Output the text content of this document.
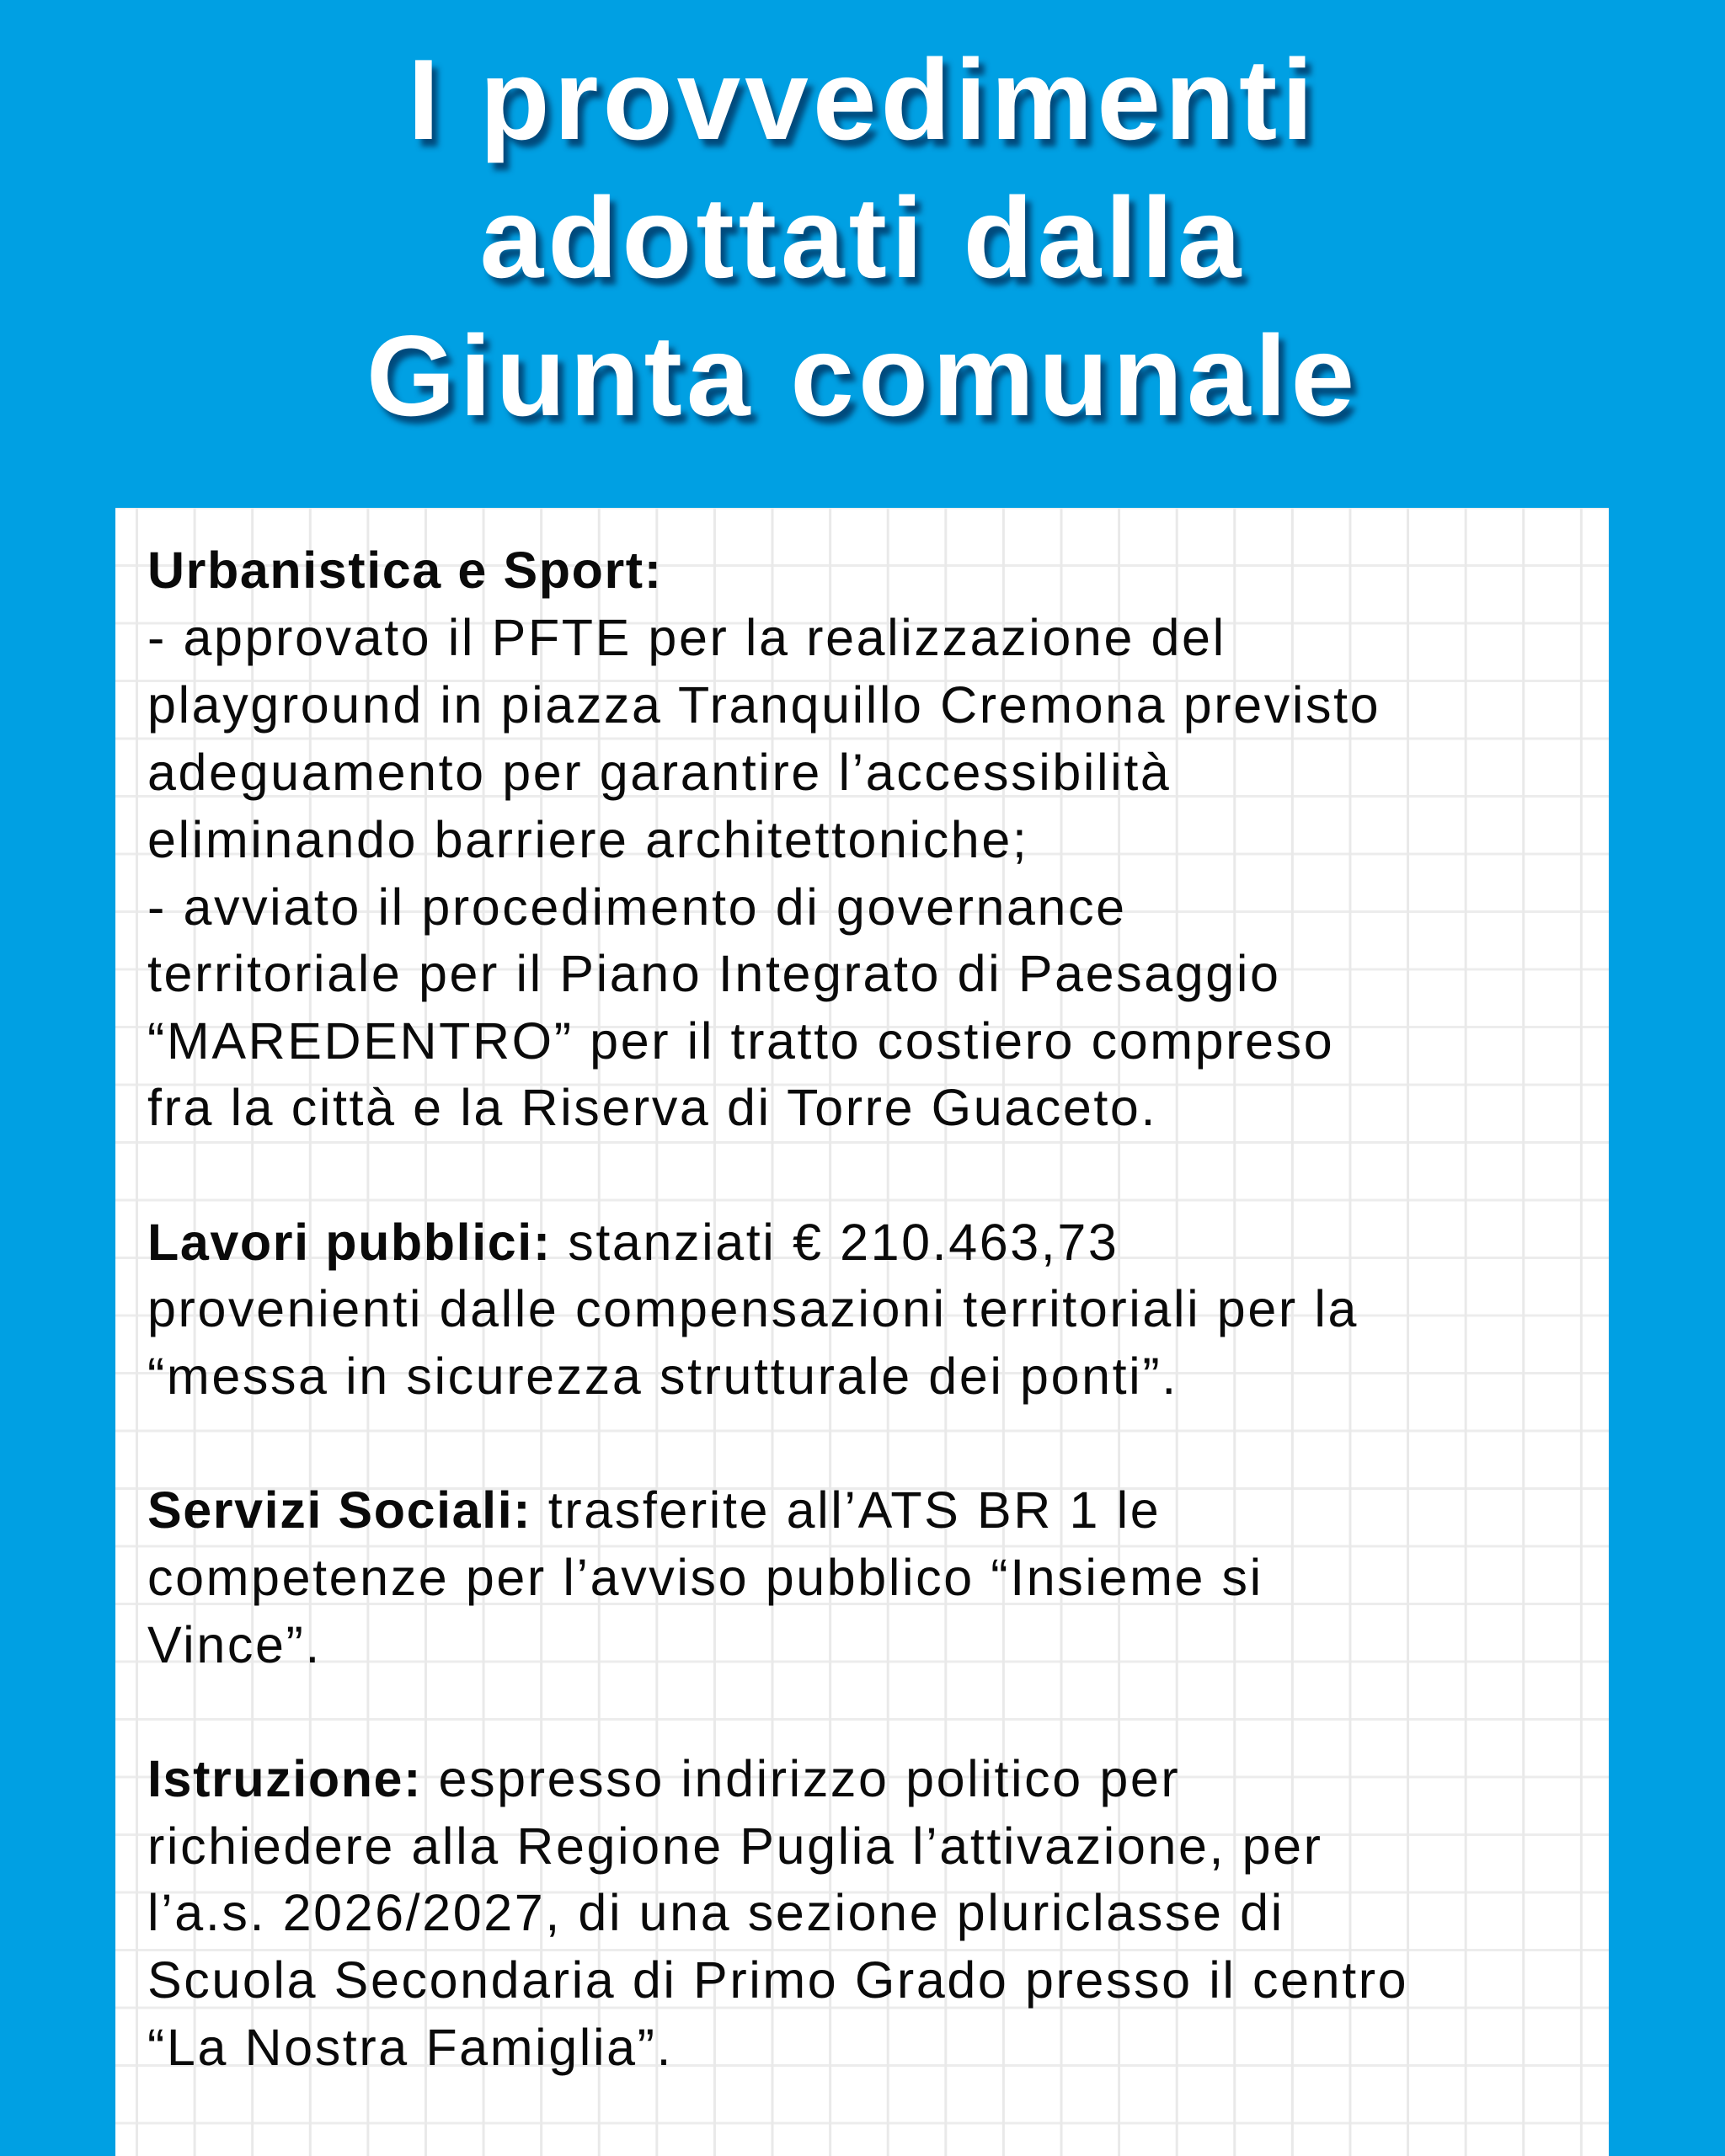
I provvedimenti
adottati dalla
Giunta comunale
Urbanistica e Sport:
- approvato il PFTE per la realizzazione del
playground in piazza Tranquillo Cremona previsto
adeguamento per garantire l’accessibilità
eliminando barriere architettoniche;
- avviato il procedimento di governance
territoriale per il Piano Integrato di Paesaggio
“MAREDENTRO” per il tratto costiero compreso
fra la città e la Riserva di Torre Guaceto.
Lavori pubblici: stanziati € 210.463,73
provenienti dalle compensazioni territoriali per la
“messa in sicurezza strutturale dei ponti”.
Servizi Sociali: trasferite all’ATS BR 1 le
competenze per l’avviso pubblico “Insieme si
Vince”.
Istruzione: espresso indirizzo politico per
richiedere alla Regione Puglia l’attivazione, per
l’a.s. 2026/2027, di una sezione pluriclasse di
Scuola Secondaria di Primo Grado presso il centro
“La Nostra Famiglia”.
